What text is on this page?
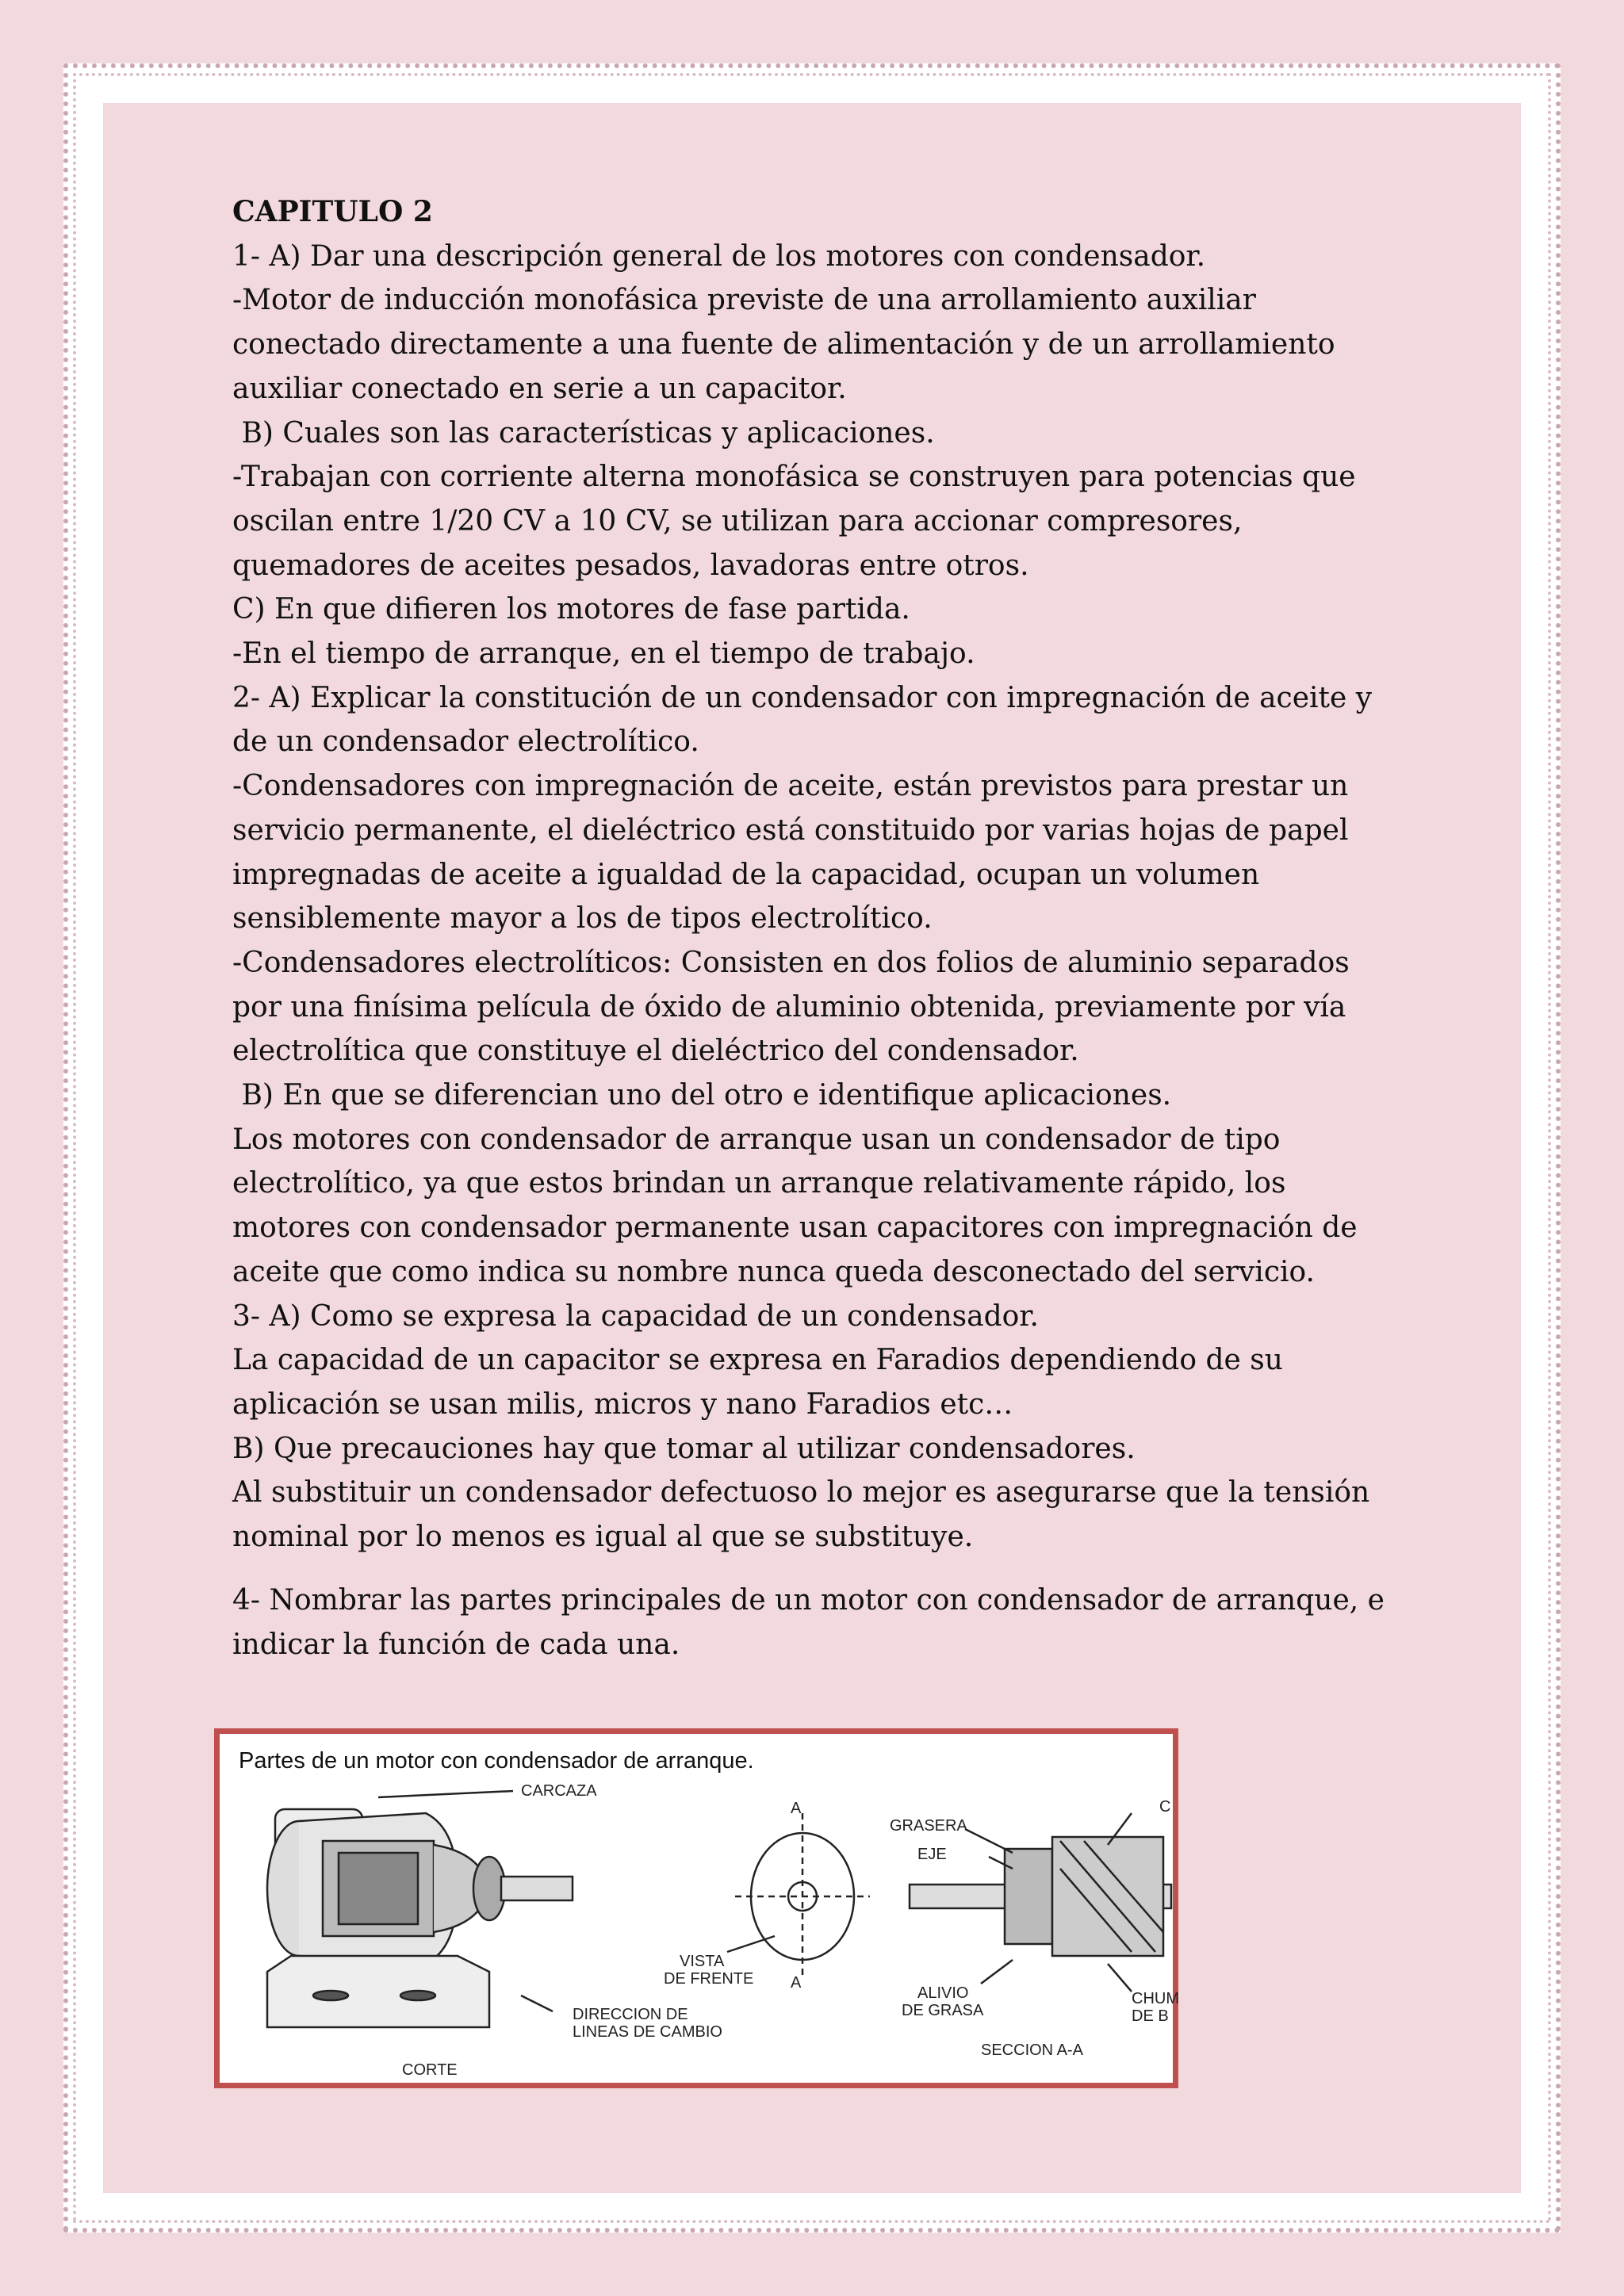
CAPITULO 2

1- A) Dar una descripción general de los motores con condensador.

-Motor de inducción monofásica previste de una arrollamiento auxiliar conectado directamente a una fuente de alimentación y de un arrollamiento auxiliar conectado en serie a un capacitor.

B) Cuales son las características y aplicaciones.

-Trabajan con corriente alterna monofásica se construyen para potencias que oscilan entre 1/20 CV a 10 CV, se utilizan para accionar compresores, quemadores de aceites pesados, lavadoras entre otros.

C) En que difieren los motores de fase partida.

-En el tiempo de arranque, en el tiempo de trabajo.

2- A) Explicar la constitución de un condensador con impregnación de aceite y de un condensador electrolítico.

-Condensadores con impregnación de aceite, están previstos para prestar un servicio permanente, el dieléctrico está constituido por varias hojas de papel impregnadas de aceite a igualdad de la capacidad, ocupan un volumen sensiblemente mayor a los de tipos electrolítico.

-Condensadores electrolíticos: Consisten en dos folios de aluminio separados por una finísima película de óxido de aluminio obtenida, previamente por vía electrolítica que constituye el dieléctrico del condensador.

B) En que se diferencian uno del otro e identifique aplicaciones.

Los motores con condensador de arranque usan un condensador de tipo electrolítico, ya que estos brindan un arranque relativamente rápido, los motores con condensador permanente usan capacitores con impregnación de aceite que como indica su nombre nunca queda desconectado del servicio.

3- A) Como se expresa la capacidad de un condensador.

La capacidad de un capacitor se expresa en Faradios dependiendo de su aplicación se usan milis, micros y nano Faradios etc…

B) Que precauciones hay que tomar al utilizar condensadores.

Al substituir un condensador defectuoso lo mejor es asegurarse que la tensión nominal por lo menos es igual al que se substituye.

4- Nombrar las partes principales de un motor con condensador de arranque, e indicar la función de cada una.

Partes de un motor con condensador de arranque.
CARCAZA
GRASERA
EJE
VISTA
DE FRENTE
A
A
DIRECCION DE
LINEAS DE CAMBIO
CORTE
ALIVIO
DE GRASA
SECCION A-A
CHUM
DE B
C
